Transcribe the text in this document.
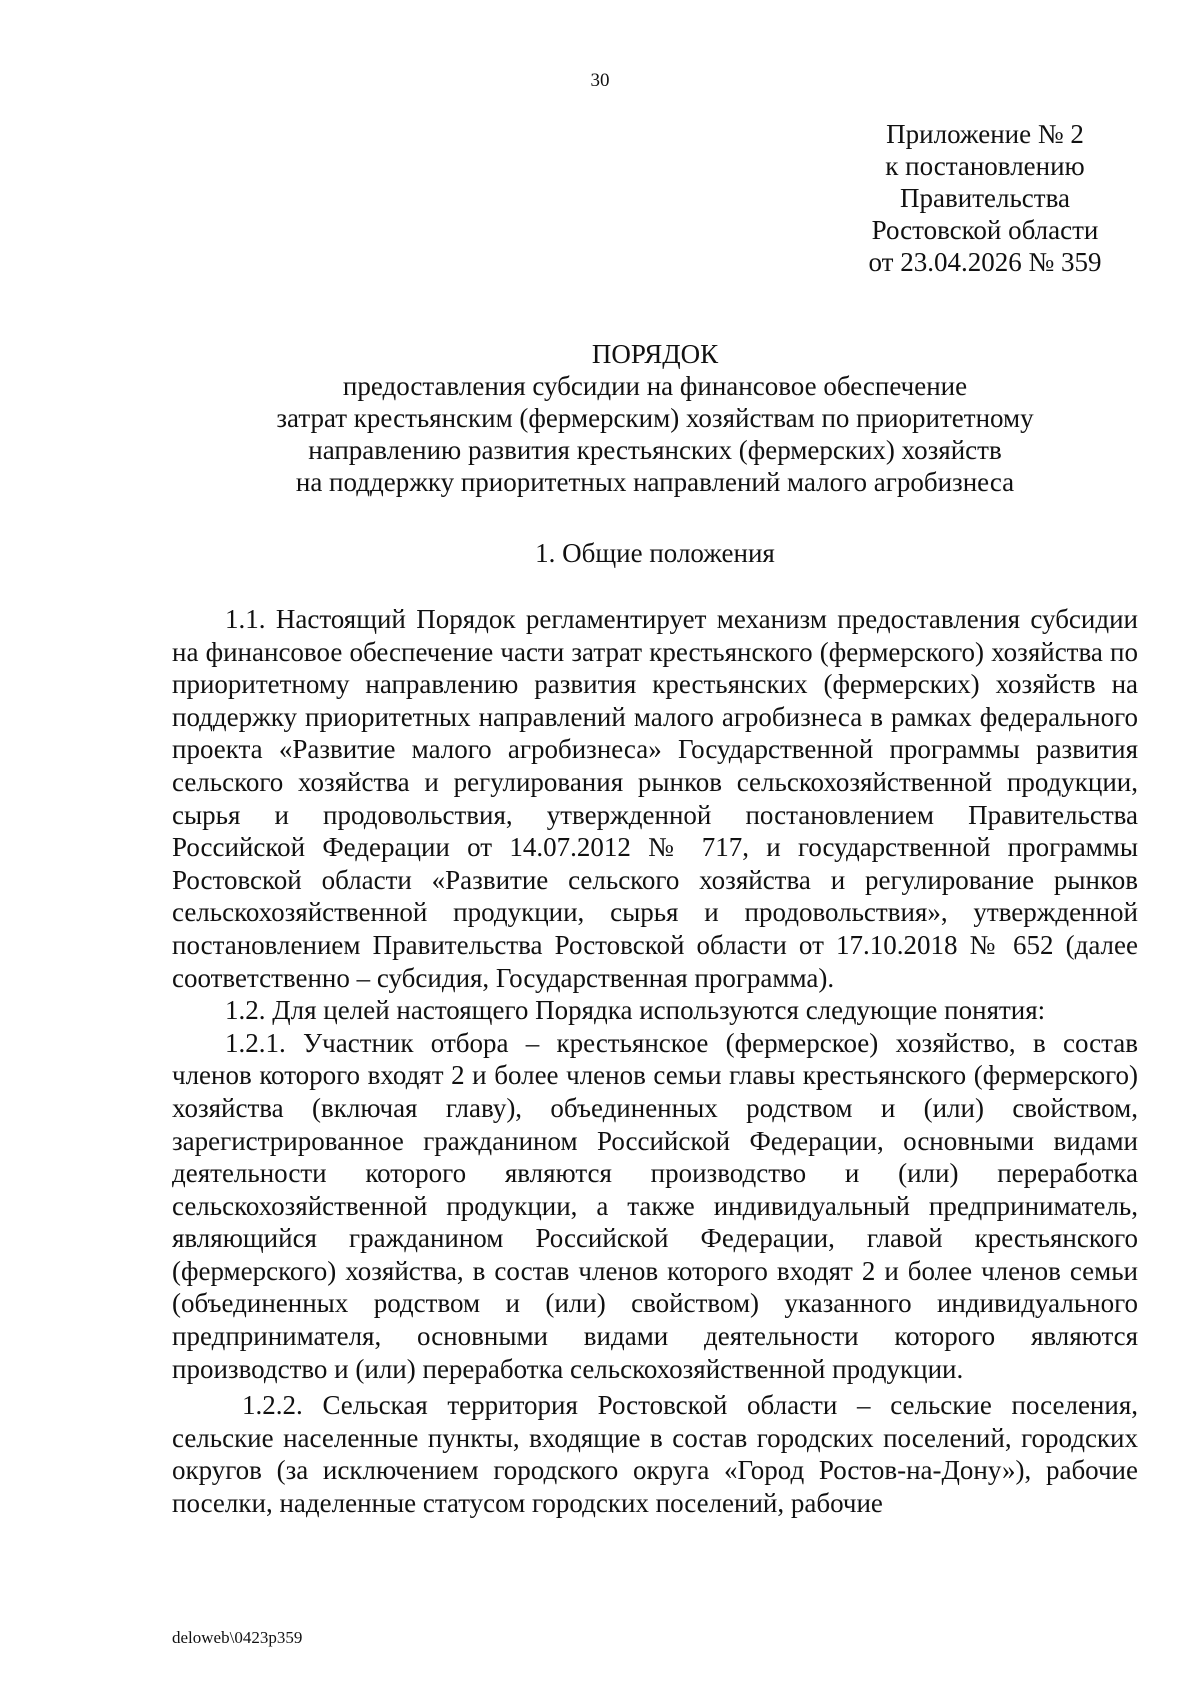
30
Приложение № 2
к постановлению
Правительства
Ростовской области
от 23.04.2026 № 359
ПОРЯДОК
предоставления субсидии на финансовое обеспечение
затрат крестьянским (фермерским) хозяйствам по приоритетному
направлению развития крестьянских (фермерских) хозяйств
на поддержку приоритетных направлений малого агробизнеса
1. Общие положения

1.1. Настоящий Порядок регламентирует механизм предоставления субсидии на финансовое обеспечение части затрат крестьянского (фермерского) хозяйства по приоритетному направлению развития крестьянских (фермерских) хозяйств на поддержку приоритетных направлений малого агробизнеса в рамках федерального проекта «Развитие малого агробизнеса» Государственной программы развития сельского хозяйства и регулирования рынков сельскохозяйственной продукции, сырья и продовольствия, утвержденной постановлением Правительства Российской Федерации от 14.07.2012 № 717, и государственной программы Ростовской области «Развитие сельского хозяйства и регулирование рынков сельскохозяйственной продукции, сырья и продовольствия», утвержденной постановлением Правительства Ростовской области от 17.10.2018 № 652 (далее соответственно – субсидия, Государственная программа).

1.2. Для целей настоящего Порядка используются следующие понятия:

1.2.1. Участник отбора – крестьянское (фермерское) хозяйство, в состав членов которого входят 2 и более членов семьи главы крестьянского (фермерского) хозяйства (включая главу), объединенных родством и (или) свойством, зарегистрированное гражданином Российской Федерации, основными видами деятельности которого являются производство и (или) переработка сельскохозяйственной продукции, а также индивидуальный предприниматель, являющийся гражданином Российской Федерации, главой крестьянского (фермерского) хозяйства, в состав членов которого входят 2 и более членов семьи (объединенных родством и (или) свойством) указанного индивидуального предпринимателя, основными видами деятельности которого являются производство и (или) переработка сельскохозяйственной продукции.

1.2.2. Сельская территория Ростовской области – сельские поселения, сельские населенные пункты, входящие в состав городских поселений, городских округов (за исключением городского округа «Город Ростов-на-Дону»), рабочие поселки, наделенные статусом городских поселений, рабочие

deloweb\0423p359
